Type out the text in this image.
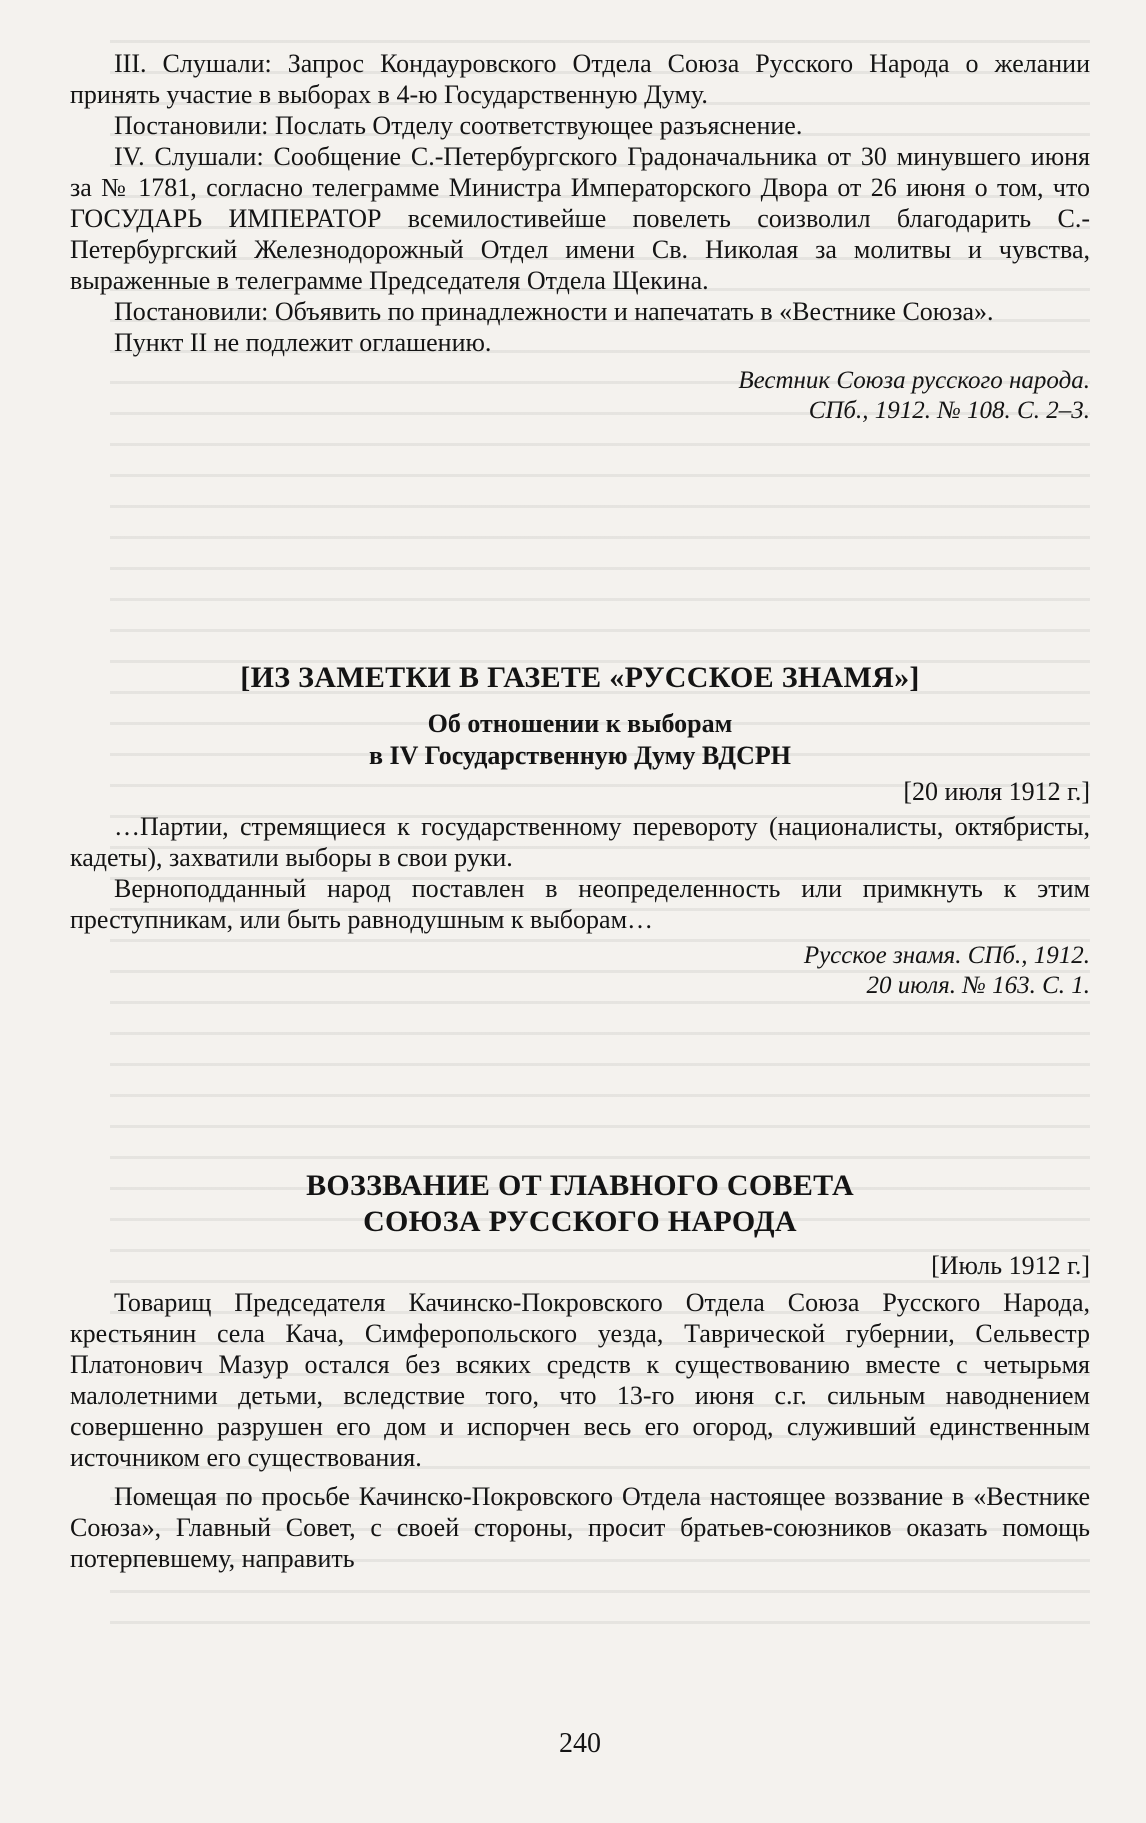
III. Слушали: Запрос Кондауровского Отдела Союза Русского Народа о желании принять участие в выборах в 4-ю Государственную Думу.

Постановили: Послать Отделу соответствующее разъяснение.

IV. Слушали: Сообщение С.-Петербургского Градоначальника от 30 минувшего июня за № 1781, согласно телеграмме Министра Императорского Двора от 26 июня о том, что ГОСУДАРЬ ИМПЕРАТОР всемилостивейше повелеть соизволил благодарить С.-Петербургский Железнодорожный Отдел имени Св. Николая за молитвы и чувства, выраженные в телеграмме Председателя Отдела Щекина.

Постановили: Объявить по принадлежности и напечатать в «Вестнике Союза».

Пункт II не подлежит оглашению.

Вестник Союза русского народа.

СПб., 1912. № 108. С. 2–3.

[ИЗ ЗАМЕТКИ В ГАЗЕТЕ «РУССКОЕ ЗНАМЯ»]
Об отношении к выборам
в IV Государственную Думу ВДСРН

[20 июля 1912 г.]

…Партии, стремящиеся к государственному перевороту (националисты, октябристы, кадеты), захватили выборы в свои руки.

Верноподданный народ поставлен в неопределенность или примкнуть к этим преступникам, или быть равнодушным к выборам…

Русское знамя. СПб., 1912.

20 июля. № 163. С. 1.

ВОЗЗВАНИЕ ОТ ГЛАВНОГО СОВЕТА
СОЮЗА РУССКОГО НАРОДА

[Июль 1912 г.]

Товарищ Председателя Качинско-Покровского Отдела Союза Русского Народа, крестьянин села Кача, Симферопольского уезда, Таврической губернии, Сельвестр Платонович Мазур остался без всяких средств к существованию вместе с четырьмя малолетними детьми, вследствие того, что 13-го июня с.г. сильным наводнением совершенно разрушен его дом и испорчен весь его огород, служивший единственным источником его существования.

Помещая по просьбе Качинско-Покровского Отдела настоящее воззвание в «Вестнике Союза», Главный Совет, с своей стороны, просит братьев-союзников оказать помощь потерпевшему, направить

240
